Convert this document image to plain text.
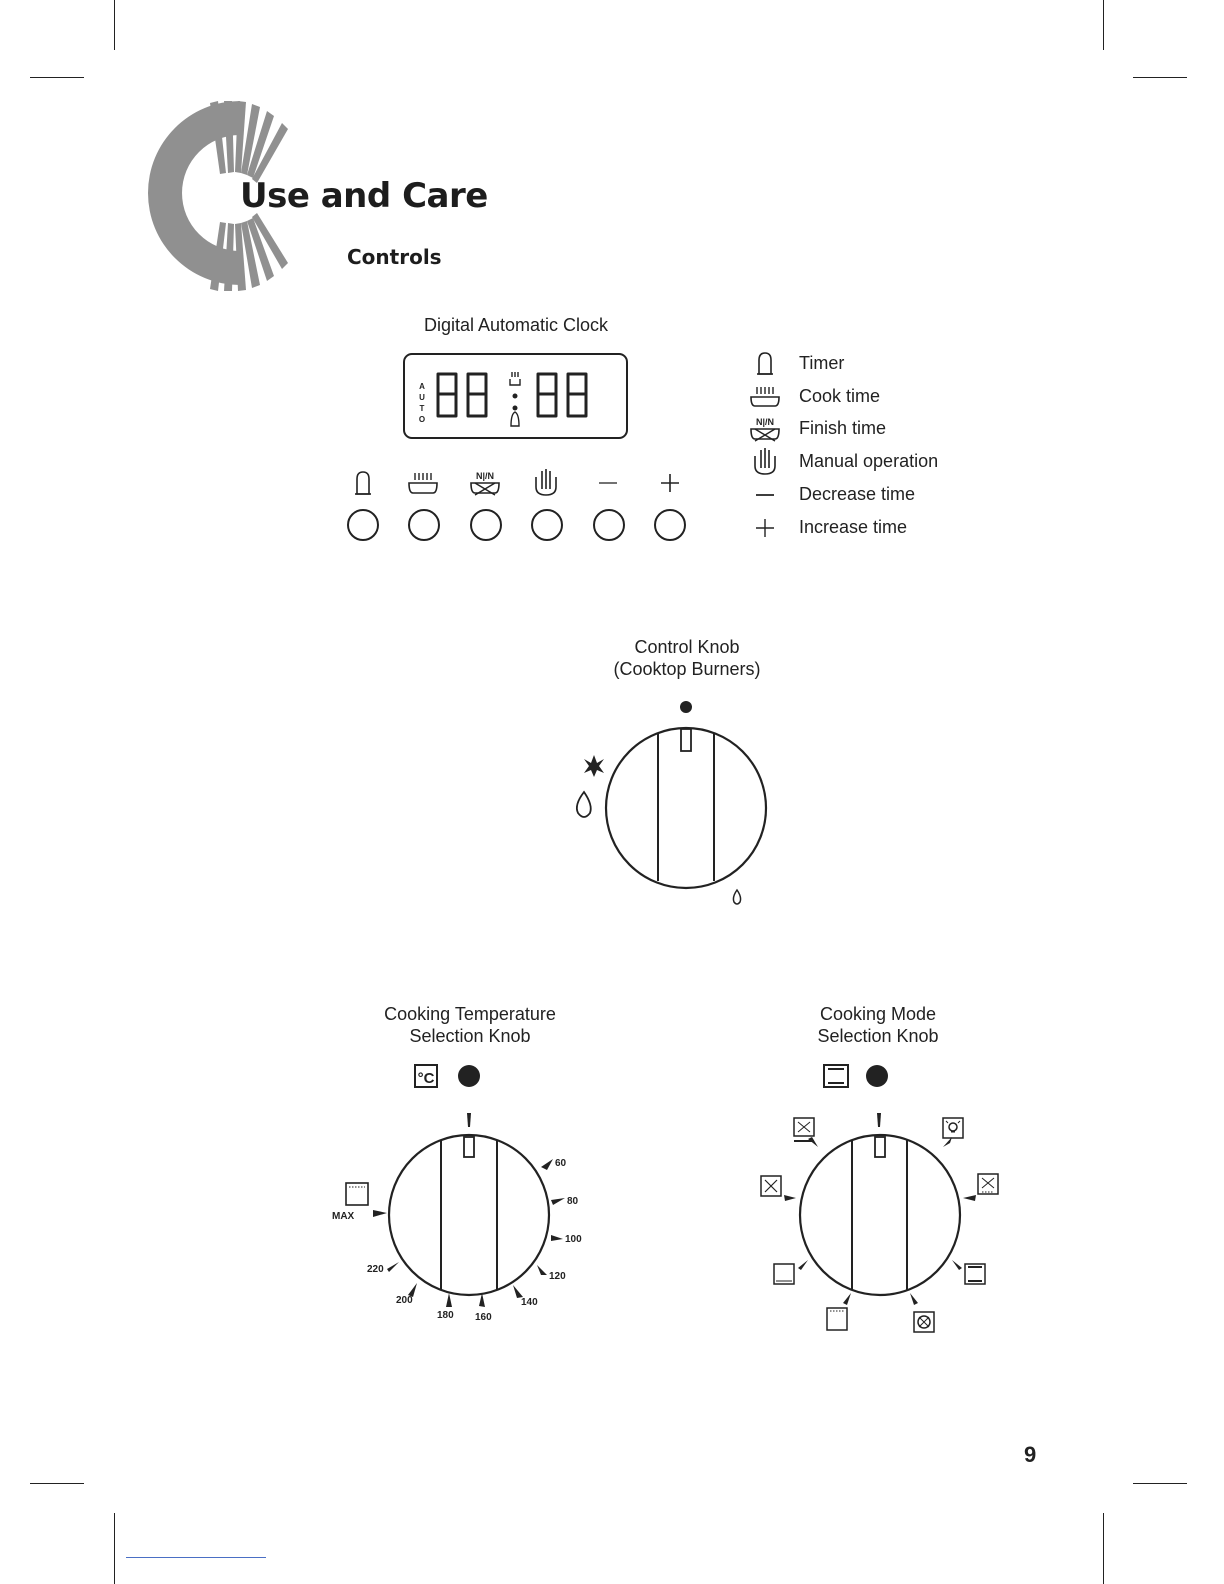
Use and Care
Controls
Digital Automatic Clock
A
U
T
O
N|/N
Timer
Cook time
N|/N Finish time
Manual operation
Decrease time
Increase time
Control Knob
(Cooktop Burners)
Cooking Temperature
Selection Knob
°C
60
80
100
120
140
160
180
200
220
MAX
Cooking Mode
Selection Knob
9
